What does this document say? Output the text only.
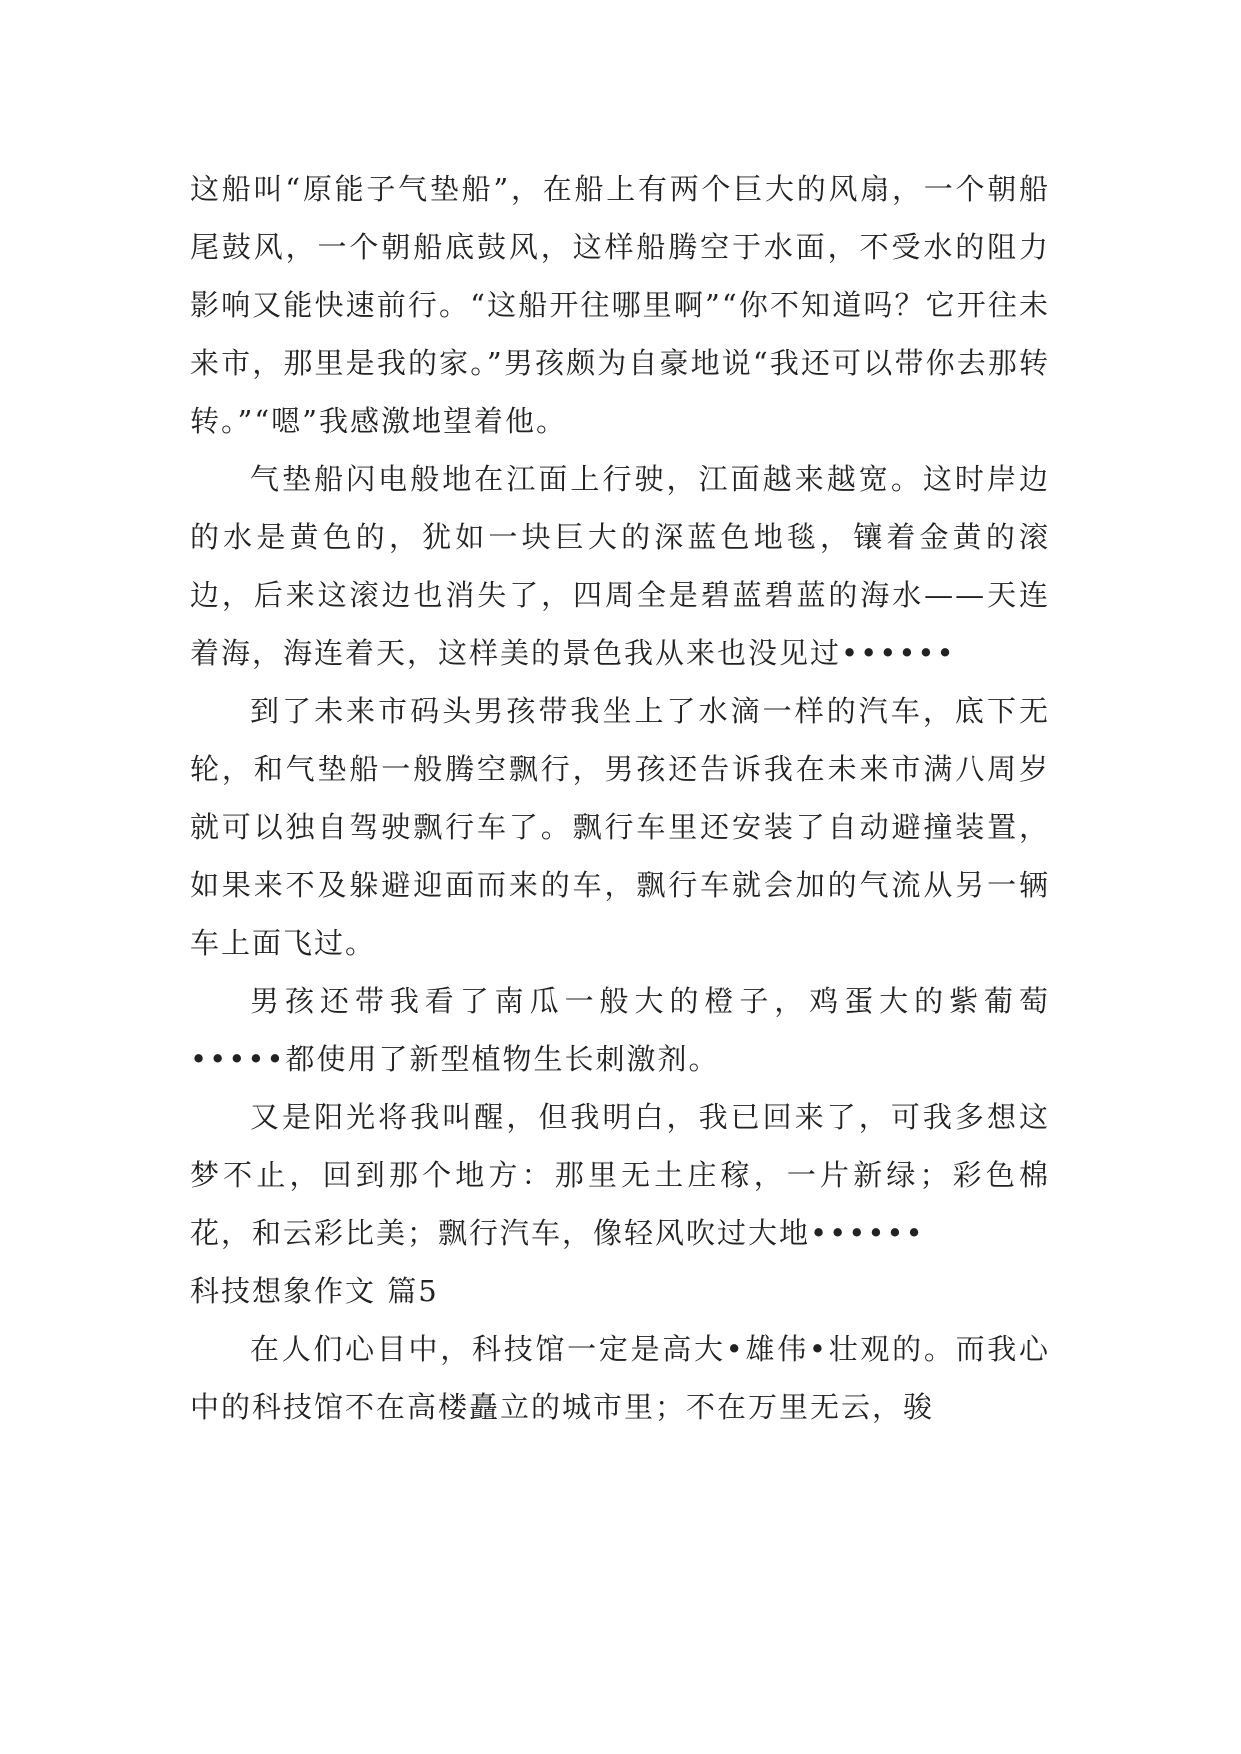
这船叫“原能子气垫船”，在船上有两个巨大的风扇，一个朝船尾鼓风，一个朝船底鼓风，这样船腾空于水面，不受水的阻力影响又能快速前行。“这船开往哪里啊”“你不知道吗？它开往未来市，那里是我的家。”男孩颇为自豪地说“我还可以带你去那转转。”“嗯”我感激地望着他。

气垫船闪电般地在江面上行驶，江面越来越宽。这时岸边的水是黄色的，犹如一块巨大的深蓝色地毯，镶着金黄的滚边，后来这滚边也消失了，四周全是碧蓝碧蓝的海水——天连着海，海连着天，这样美的景色我从来也没见过••••••

到了未来市码头男孩带我坐上了水滴一样的汽车，底下无轮，和气垫船一般腾空飘行，男孩还告诉我在未来市满八周岁就可以独自驾驶飘行车了。飘行车里还安装了自动避撞装置，如果来不及躲避迎面而来的车，飘行车就会加的气流从另一辆车上面飞过。

男孩还带我看了南瓜一般大的橙子，鸡蛋大的紫葡萄•••••都使用了新型植物生长刺激剂。

又是阳光将我叫醒，但我明白，我已回来了，可我多想这梦不止，回到那个地方：那里无土庄稼，一片新绿；彩色棉花，和云彩比美；飘行汽车，像轻风吹过大地••••••

科技想象作文 篇5

在人们心目中，科技馆一定是高大•雄伟•壮观的。而我心中的科技馆不在高楼矗立的城市里；不在万里无云，骏
